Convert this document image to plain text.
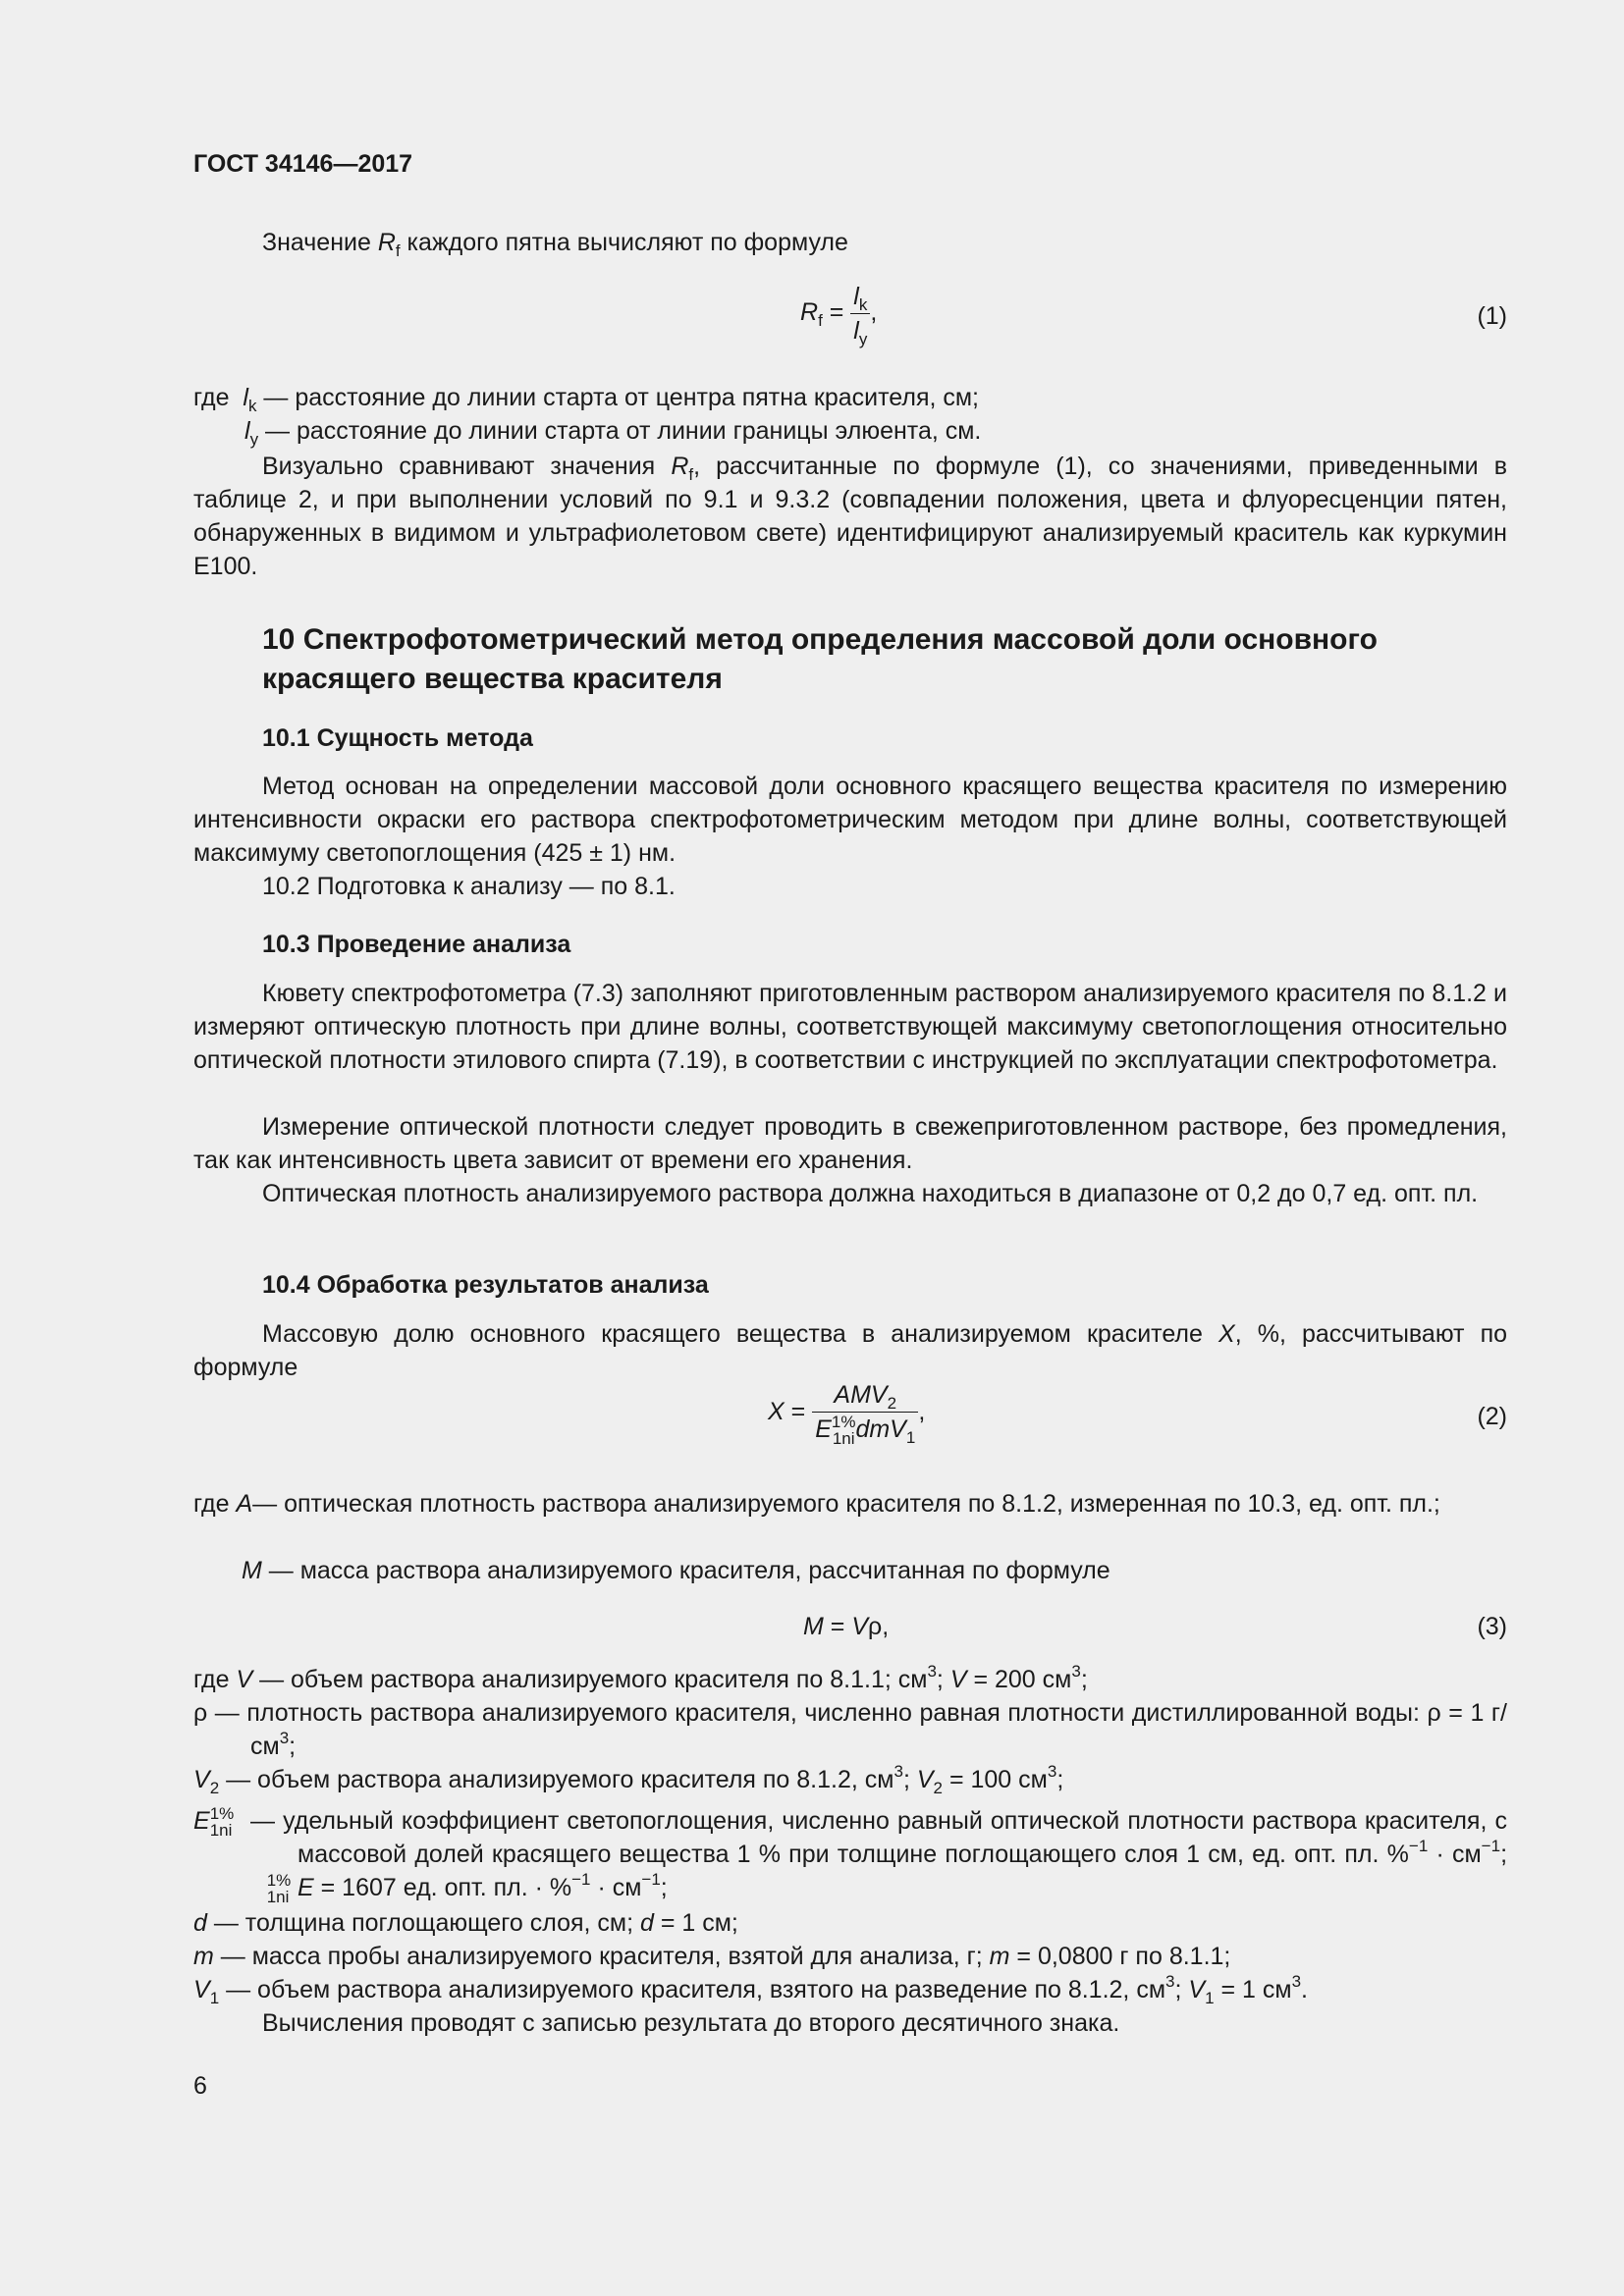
ГОСТ 34146—2017
Значение $R_f$ каждого пятна вычисляют по формуле
$R_f = \frac{l_k}{l_y}$ ,	(1)
где $l_k$ — расстояние до линии старта от центра пятна красителя, см;
$l_y$ — расстояние до линии старта от линии границы элюента, см.
Визуально сравнивают значения $R_f$, рассчитанные по формуле (1), со значениями, приведенными в таблице 2, и при выполнении условий по 9.1 и 9.3.2 (совпадении положения, цвета и флуоресценции пятен, обнаруженных в видимом и ультрафиолетовом свете) идентифицируют анализируемый краситель как куркумин Е100.
10 Спектрофотометрический метод определения массовой доли основного красящего вещества красителя
10.1 Сущность метода
Метод основан на определении массовой доли основного красящего вещества красителя по измерению интенсивности окраски его раствора спектрофотометрическим методом при длине волны, соответствующей максимуму светопоглощения (425 ± 1) нм.
10.2 Подготовка к анализу — по 8.1.
10.3 Проведение анализа
Кювету спектрофотометра (7.3) заполняют приготовленным раствором анализируемого красителя по 8.1.2 и измеряют оптическую плотность при длине волны, соответствующей максимуму светопоглощения относительно оптической плотности этилового спирта (7.19), в соответствии с инструкцией по эксплуатации спектрофотометра.
Измерение оптической плотности следует проводить в свежеприготовленном растворе, без промедления, так как интенсивность цвета зависит от времени его хранения.
Оптическая плотность анализируемого раствора должна находиться в диапазоне от 0,2 до 0,7 ед. опт. пл.
10.4 Обработка результатов анализа
Массовую долю основного красящего вещества в анализируемом красителе X, %, рассчитывают по формуле
$X = AMV_2$
E 1%
1ni dmV$_1$ ,	(2)
где A — оптическая плотность раствора анализируемого красителя по 8.1.2, измеренная по 10.3, ед. опт. пл.;
M — масса раствора анализируемого красителя, рассчитанная по формуле
M = Vρ,	(3)
где V — объем раствора анализируемого красителя по 8.1.1; $см^3$; V = 200 $см^3$;
ρ — плотность раствора анализируемого красителя, численно равная плотности дистиллированной воды: ρ = 1 $г/см^3$;
$V_2$ — объем раствора анализируемого красителя по 8.1.2, $см^3$; $V_2 = 100$ $см^3$;
E 1%
1ni — удельный коэффициент светопоглощения, численно равный оптической плотности раствора красителя, с массовой долей красящего вещества 1 % при толщине поглощающего слоя 1 см, ед. опт. пл. $\%^{-1} \cdot см^{-1}$; E
1%
1ni	= 1607 ед. опт. пл. · $\%^{-1} \cdot см^{-1}$;
d — толщина поглощающего слоя, см; d = 1 см;
m — масса пробы анализируемого красителя, взятой для анализа, г; m = 0,0800 г по 8.1.1;
$V_1$ — объем раствора анализируемого красителя, взятого на разведение по 8.1.2, $см^3$; $V_1 = 1$ $см^3$.
Вычисления проводят с записью результата до второго десятичного знака.
6
